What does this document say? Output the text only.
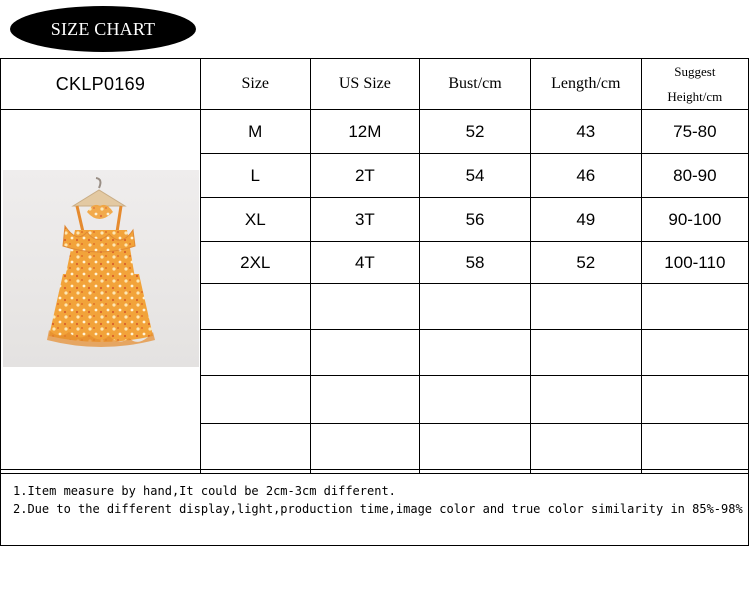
SIZE CHART
CKLP0169	Size	US Size	Bust/cm	Length/cm	Suggest
Height/cm

	M	12M	52	43	75-80
	L	2T	54	46	80-90
	XL	3T	56	49	90-100
	2XL	4T	58	52	100-110

1.Item measure by hand,It could be 2cm-3cm different.
2.Due to the different display,light,production time,image color and true color similarity in 85%-98%
